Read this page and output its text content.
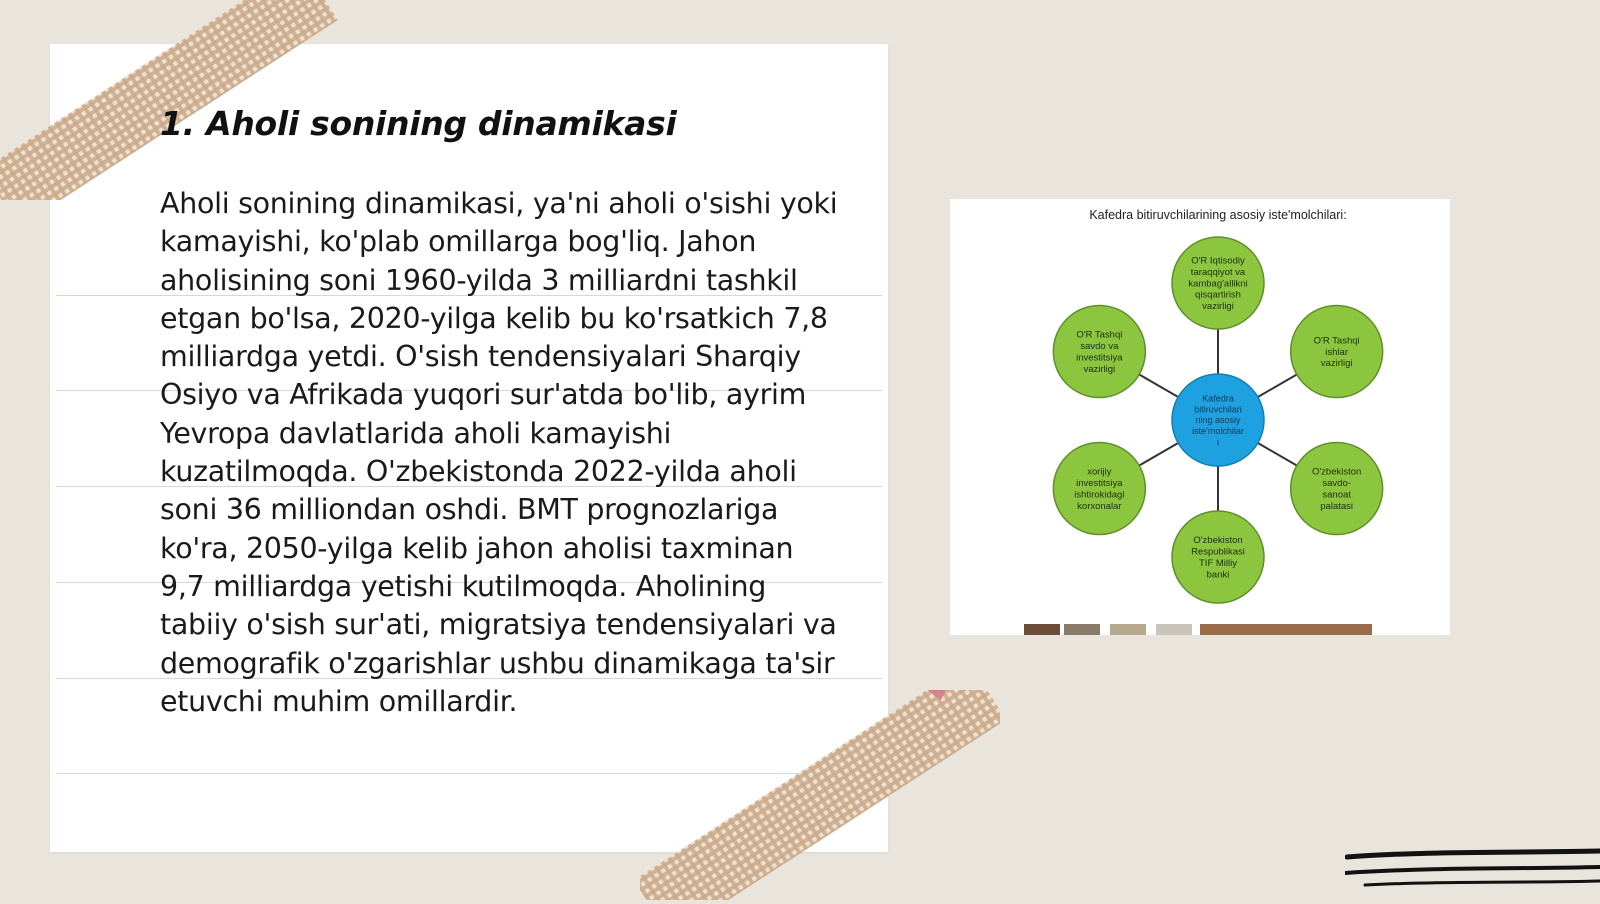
1. Aholi sonining dinamikasi

Aholi sonining dinamikasi, ya'ni aholi o'sishi yoki kamayishi, ko'plab omillarga bog'liq. Jahon aholisining soni 1960-yilda 3 milliardni tashkil etgan bo'lsa, 2020-yilga kelib bu ko'rsatkich 7,8 milliardga yetdi. O'sish tendensiyalari Sharqiy Osiyo va Afrikada yuqori sur'atda bo'lib, ayrim Yevropa davlatlarida aholi kamayishi kuzatilmoqda. O'zbekistonda 2022-yilda aholi soni 36 milliondan oshdi. BMT prognozlariga ko'ra, 2050-yilga kelib jahon aholisi taxminan 9,7 milliardga yetishi kutilmoqda. Aholining tabiiy o'sish sur'ati, migratsiya tendensiyalari va demografik o'zgarishlar ushbu dinamikaga ta'sir etuvchi muhim omillardir.

Kafedra bitiruvchilarining asosiy iste'molchilari:
O'R Iqtisodiy
taraqqiyot va
kambag'allikni
qisqartirish
vazirligi
O'R Tashqi
ishlar
vazirligi
O'zbekiston
savdo-
sanoat
palatasi
O'zbekiston
Respublikasi
TIF Milliy
banki
xorijiy
investitsiya
ishtirokidagi
korxonalar
O'R Tashqi
savdo va
investitsiya
vazirligi
Kafedra
bitiruvchilari
ning asosiy
iste'molchilar
i
